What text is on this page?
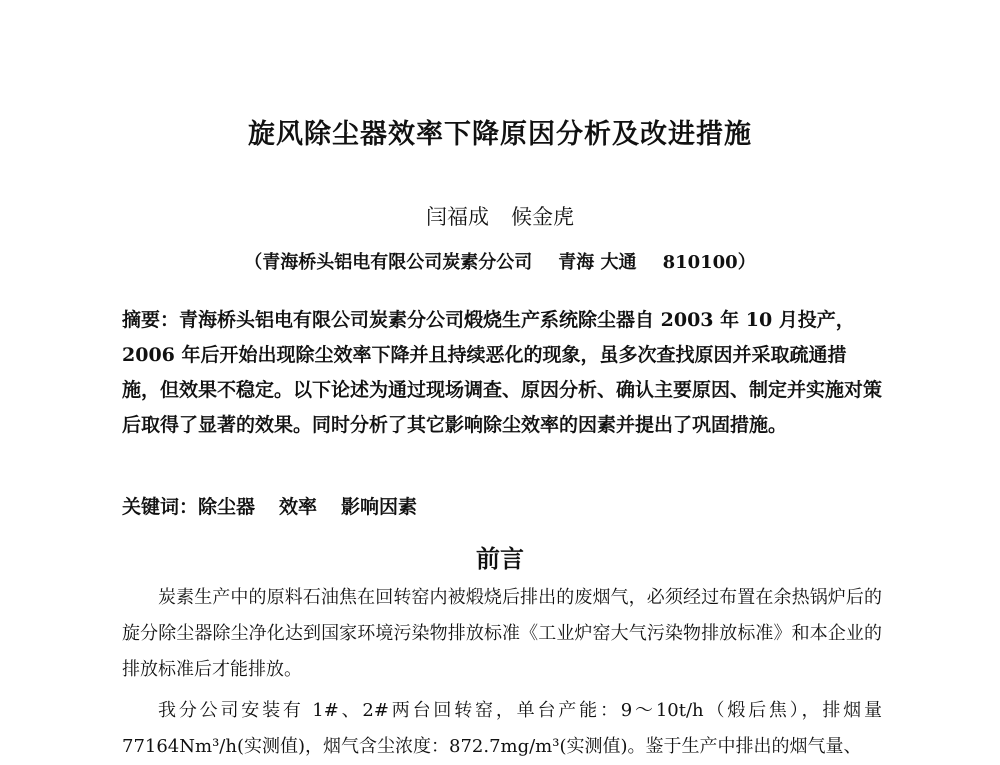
旋风除尘器效率下降原因分析及改进措施
闫福成 候金虎
（青海桥头铝电有限公司炭素分公司 青海 大通 810100）
摘要：青海桥头铝电有限公司炭素分公司煅烧生产系统除尘器自 2003 年 10 月投产，2006 年后开始出现除尘效率下降并且持续恶化的现象，虽多次查找原因并采取疏通措施，但效果不稳定。以下论述为通过现场调查、原因分析、确认主要原因、制定并实施对策后取得了显著的效果。同时分析了其它影响除尘效率的因素并提出了巩固措施。
关键词：除尘器 效率 影响因素
前言
炭素生产中的原料石油焦在回转窑内被煅烧后排出的废烟气，必须经过布置在余热锅炉后的旋分除尘器除尘净化达到国家环境污染物排放标准《工业炉窑大气污染物排放标准》和本企业的排放标准后才能排放。
我分公司安装有 1#、2#两台回转窑，单台产能：9～10t/h（煅后焦），排烟量 77164Nm³/h(实测值)，烟气含尘浓度：872.7mg/m³(实测值)。鉴于生产中排出的烟气量、
